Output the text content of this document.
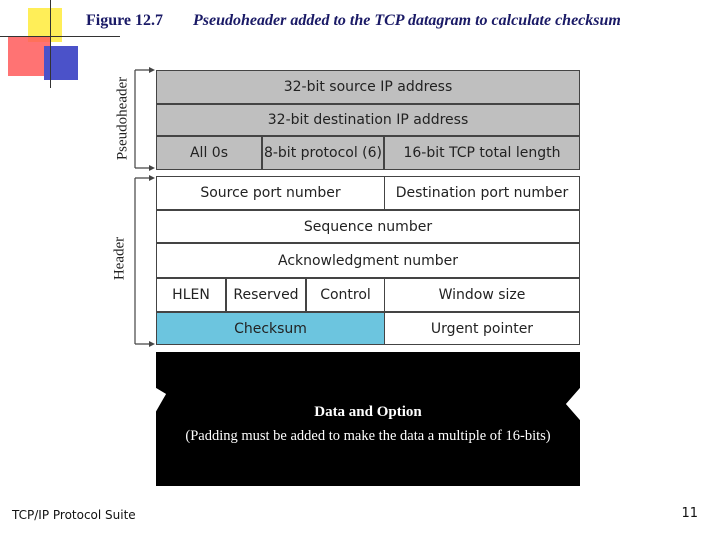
Figure 12.7 Pseudoheader added to the TCP datagram to calculate checksum
Pseudoheader
Header
32-bit source IP address
32-bit destination IP address
All 0s	8-bit protocol (6)	16-bit TCP total length
Source port number	Destination port number
Sequence number
Acknowledgment number
HLEN	Reserved	Control	Window size
Checksum	Urgent pointer
Data and Option
(Padding must be added to make the data a multiple of 16-bits)
TCP/IP Protocol Suite	11
